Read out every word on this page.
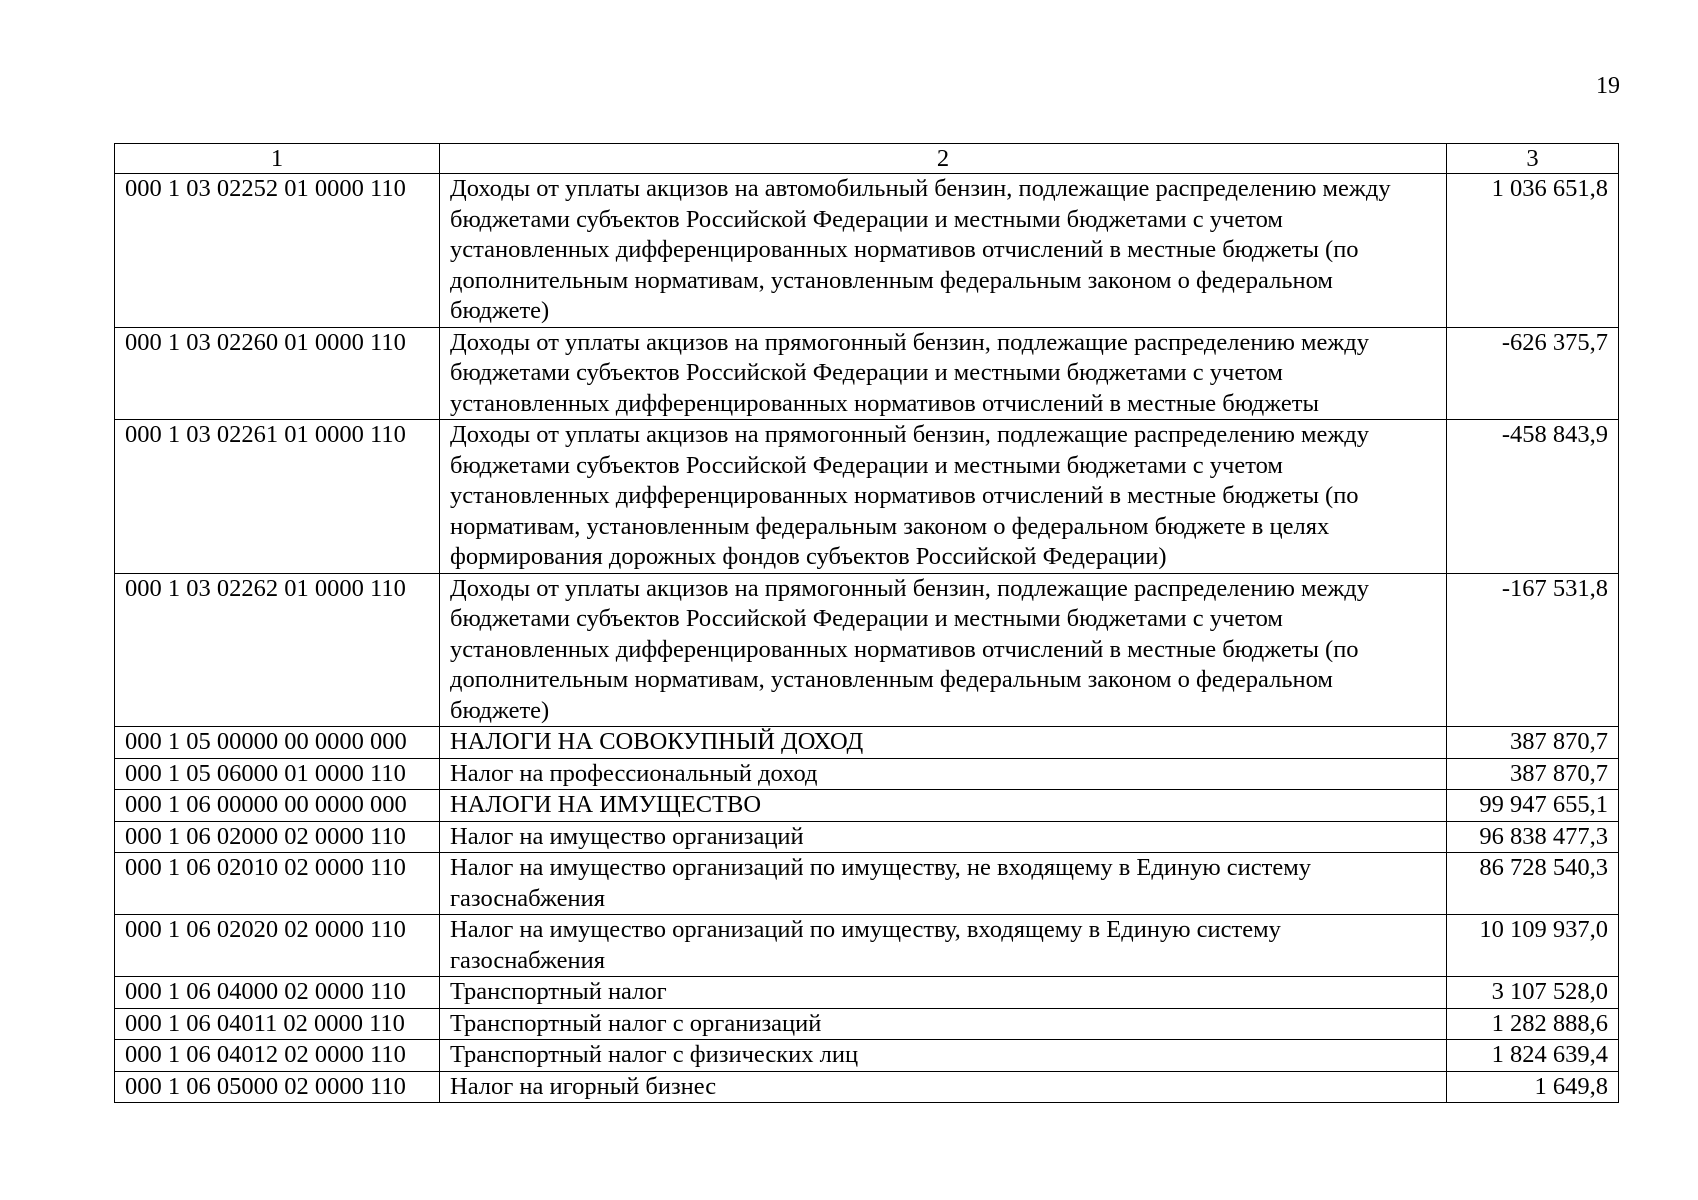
19
1	2	3
000 1 03 02252 01 0000 110	Доходы от уплаты акцизов на автомобильный бензин, подлежащие распределению между бюджетами субъектов Российской Федерации и местными бюджетами с учетом установленных дифференцированных нормативов отчислений в местные бюджеты (по дополнительным нормативам, установленным федеральным законом о федеральном бюджете)	1 036 651,8
000 1 03 02260 01 0000 110	Доходы от уплаты акцизов на прямогонный бензин, подлежащие распределению между бюджетами субъектов Российской Федерации и местными бюджетами с учетом установленных дифференцированных нормативов отчислений в местные бюджеты	-626 375,7
000 1 03 02261 01 0000 110	Доходы от уплаты акцизов на прямогонный бензин, подлежащие распределению между бюджетами субъектов Российской Федерации и местными бюджетами с учетом установленных дифференцированных нормативов отчислений в местные бюджеты (по нормативам, установленным федеральным законом о федеральном бюджете в целях формирования дорожных фондов субъектов Российской Федерации)	-458 843,9
000 1 03 02262 01 0000 110	Доходы от уплаты акцизов на прямогонный бензин, подлежащие распределению между бюджетами субъектов Российской Федерации и местными бюджетами с учетом установленных дифференцированных нормативов отчислений в местные бюджеты (по дополнительным нормативам, установленным федеральным законом о федеральном бюджете)	-167 531,8
000 1 05 00000 00 0000 000	НАЛОГИ НА СОВОКУПНЫЙ ДОХОД	387 870,7
000 1 05 06000 01 0000 110	Налог на профессиональный доход	387 870,7
000 1 06 00000 00 0000 000	НАЛОГИ НА ИМУЩЕСТВО	99 947 655,1
000 1 06 02000 02 0000 110	Налог на имущество организаций	96 838 477,3
000 1 06 02010 02 0000 110	Налог на имущество организаций по имуществу, не входящему в Единую систему газоснабжения	86 728 540,3
000 1 06 02020 02 0000 110	Налог на имущество организаций по имуществу, входящему в Единую систему газоснабжения	10 109 937,0
000 1 06 04000 02 0000 110	Транспортный налог	3 107 528,0
000 1 06 04011 02 0000 110	Транспортный налог с организаций	1 282 888,6
000 1 06 04012 02 0000 110	Транспортный налог с физических лиц	1 824 639,4
000 1 06 05000 02 0000 110	Налог на игорный бизнес	1 649,8
